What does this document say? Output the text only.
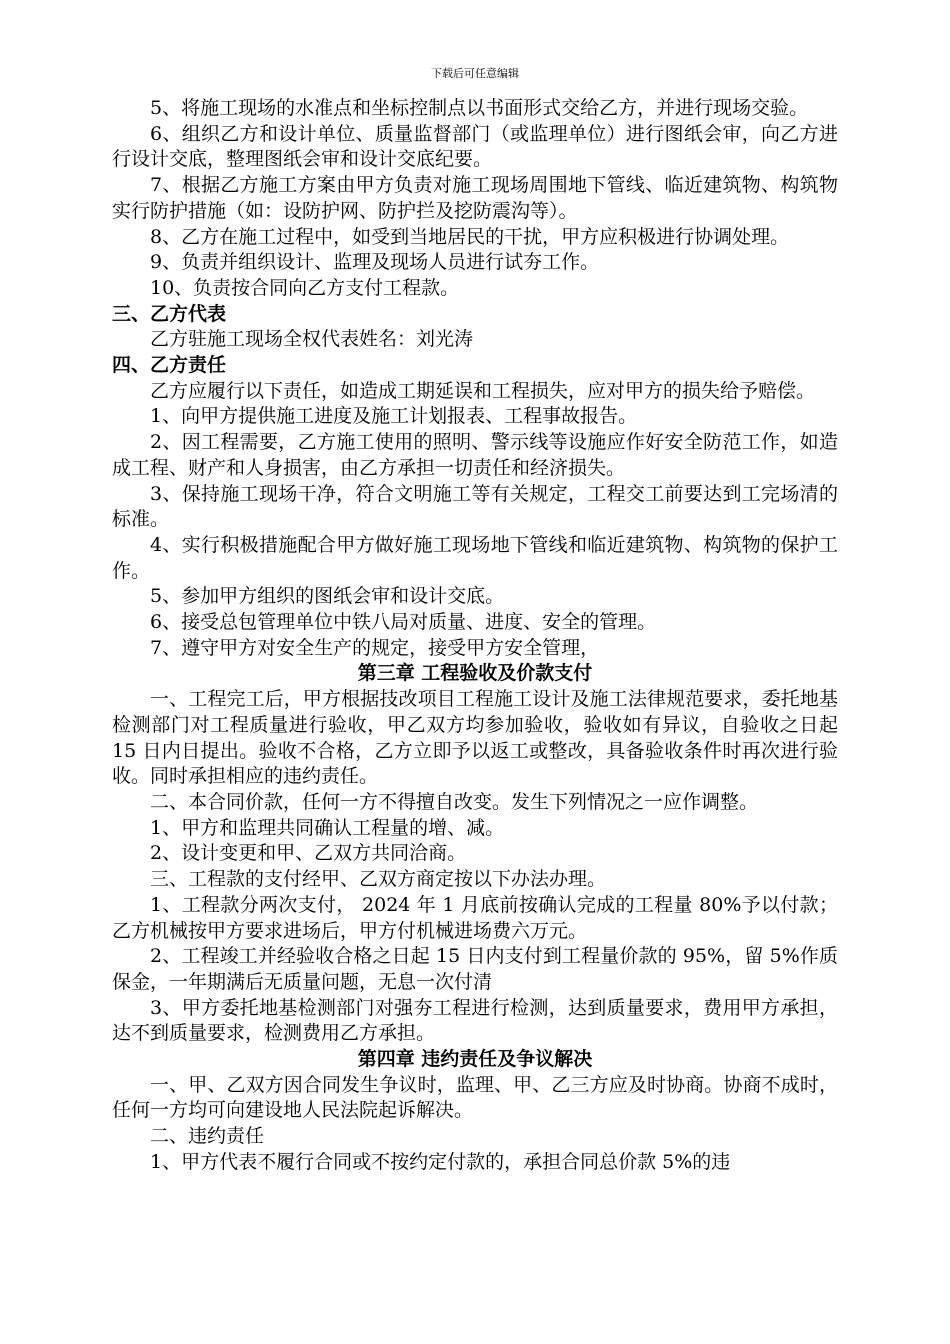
下载后可任意编辑

5、将施工现场的水准点和坐标控制点以书面形式交给乙方，并进行现场交验。

6、组织乙方和设计单位、质量监督部门（或监理单位）进行图纸会审，向乙方进行设计交底，整理图纸会审和设计交底纪要。

7、根据乙方施工方案由甲方负责对施工现场周围地下管线、临近建筑物、构筑物实行防护措施（如：设防护网、防护拦及挖防震沟等）。

8、乙方在施工过程中，如受到当地居民的干扰，甲方应积极进行协调处理。

9、负责并组织设计、监理及现场人员进行试夯工作。

10、负责按合同向乙方支付工程款。

三、乙方代表

乙方驻施工现场全权代表姓名：刘光涛

四、乙方责任

乙方应履行以下责任，如造成工期延误和工程损失，应对甲方的损失给予赔偿。

1、向甲方提供施工进度及施工计划报表、工程事故报告。

2、因工程需要，乙方施工使用的照明、警示线等设施应作好安全防范工作，如造成工程、财产和人身损害，由乙方承担一切责任和经济损失。

3、保持施工现场干净，符合文明施工等有关规定，工程交工前要达到工完场清的标准。

4、实行积极措施配合甲方做好施工现场地下管线和临近建筑物、构筑物的保护工作。

5、参加甲方组织的图纸会审和设计交底。

6、接受总包管理单位中铁八局对质量、进度、安全的管理。

7、遵守甲方对安全生产的规定，接受甲方安全管理，

第三章 工程验收及价款支付

一、工程完工后，甲方根据技改项目工程施工设计及施工法律规范要求，委托地基检测部门对工程质量进行验收，甲乙双方均参加验收，验收如有异议，自验收之日起 15 日内日提出。验收不合格，乙方立即予以返工或整改，具备验收条件时再次进行验收。同时承担相应的违约责任。

二、本合同价款，任何一方不得擅自改变。发生下列情况之一应作调整。

1、甲方和监理共同确认工程量的增、减。

2、设计变更和甲、乙双方共同洽商。

三、工程款的支付经甲、乙双方商定按以下办法办理。

1、工程款分两次支付， 2024 年 1 月底前按确认完成的工程量 80%予以付款；乙方机械按甲方要求进场后，甲方付机械进场费六万元。

2、工程竣工并经验收合格之日起 15 日内支付到工程量价款的 95%，留 5%作质保金，一年期满后无质量问题，无息一次付清

3、甲方委托地基检测部门对强夯工程进行检测，达到质量要求，费用甲方承担，达不到质量要求，检测费用乙方承担。

第四章 违约责任及争议解决

一、甲、乙双方因合同发生争议时，监理、甲、乙三方应及时协商。协商不成时，任何一方均可向建设地人民法院起诉解决。

二、违约责任

1、甲方代表不履行合同或不按约定付款的，承担合同总价款 5%的违
